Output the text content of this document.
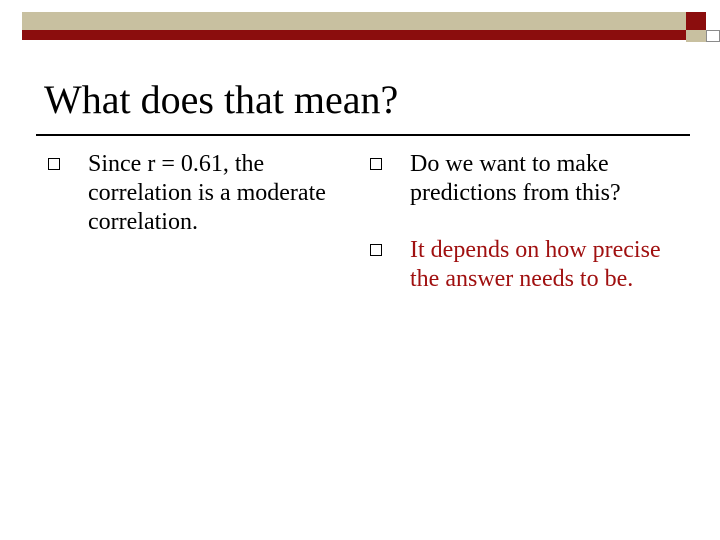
What does that mean?
Since r = 0.61, the correlation is a moderate correlation.
Do we want to make predictions from this?
It depends on how precise the answer needs to be.
